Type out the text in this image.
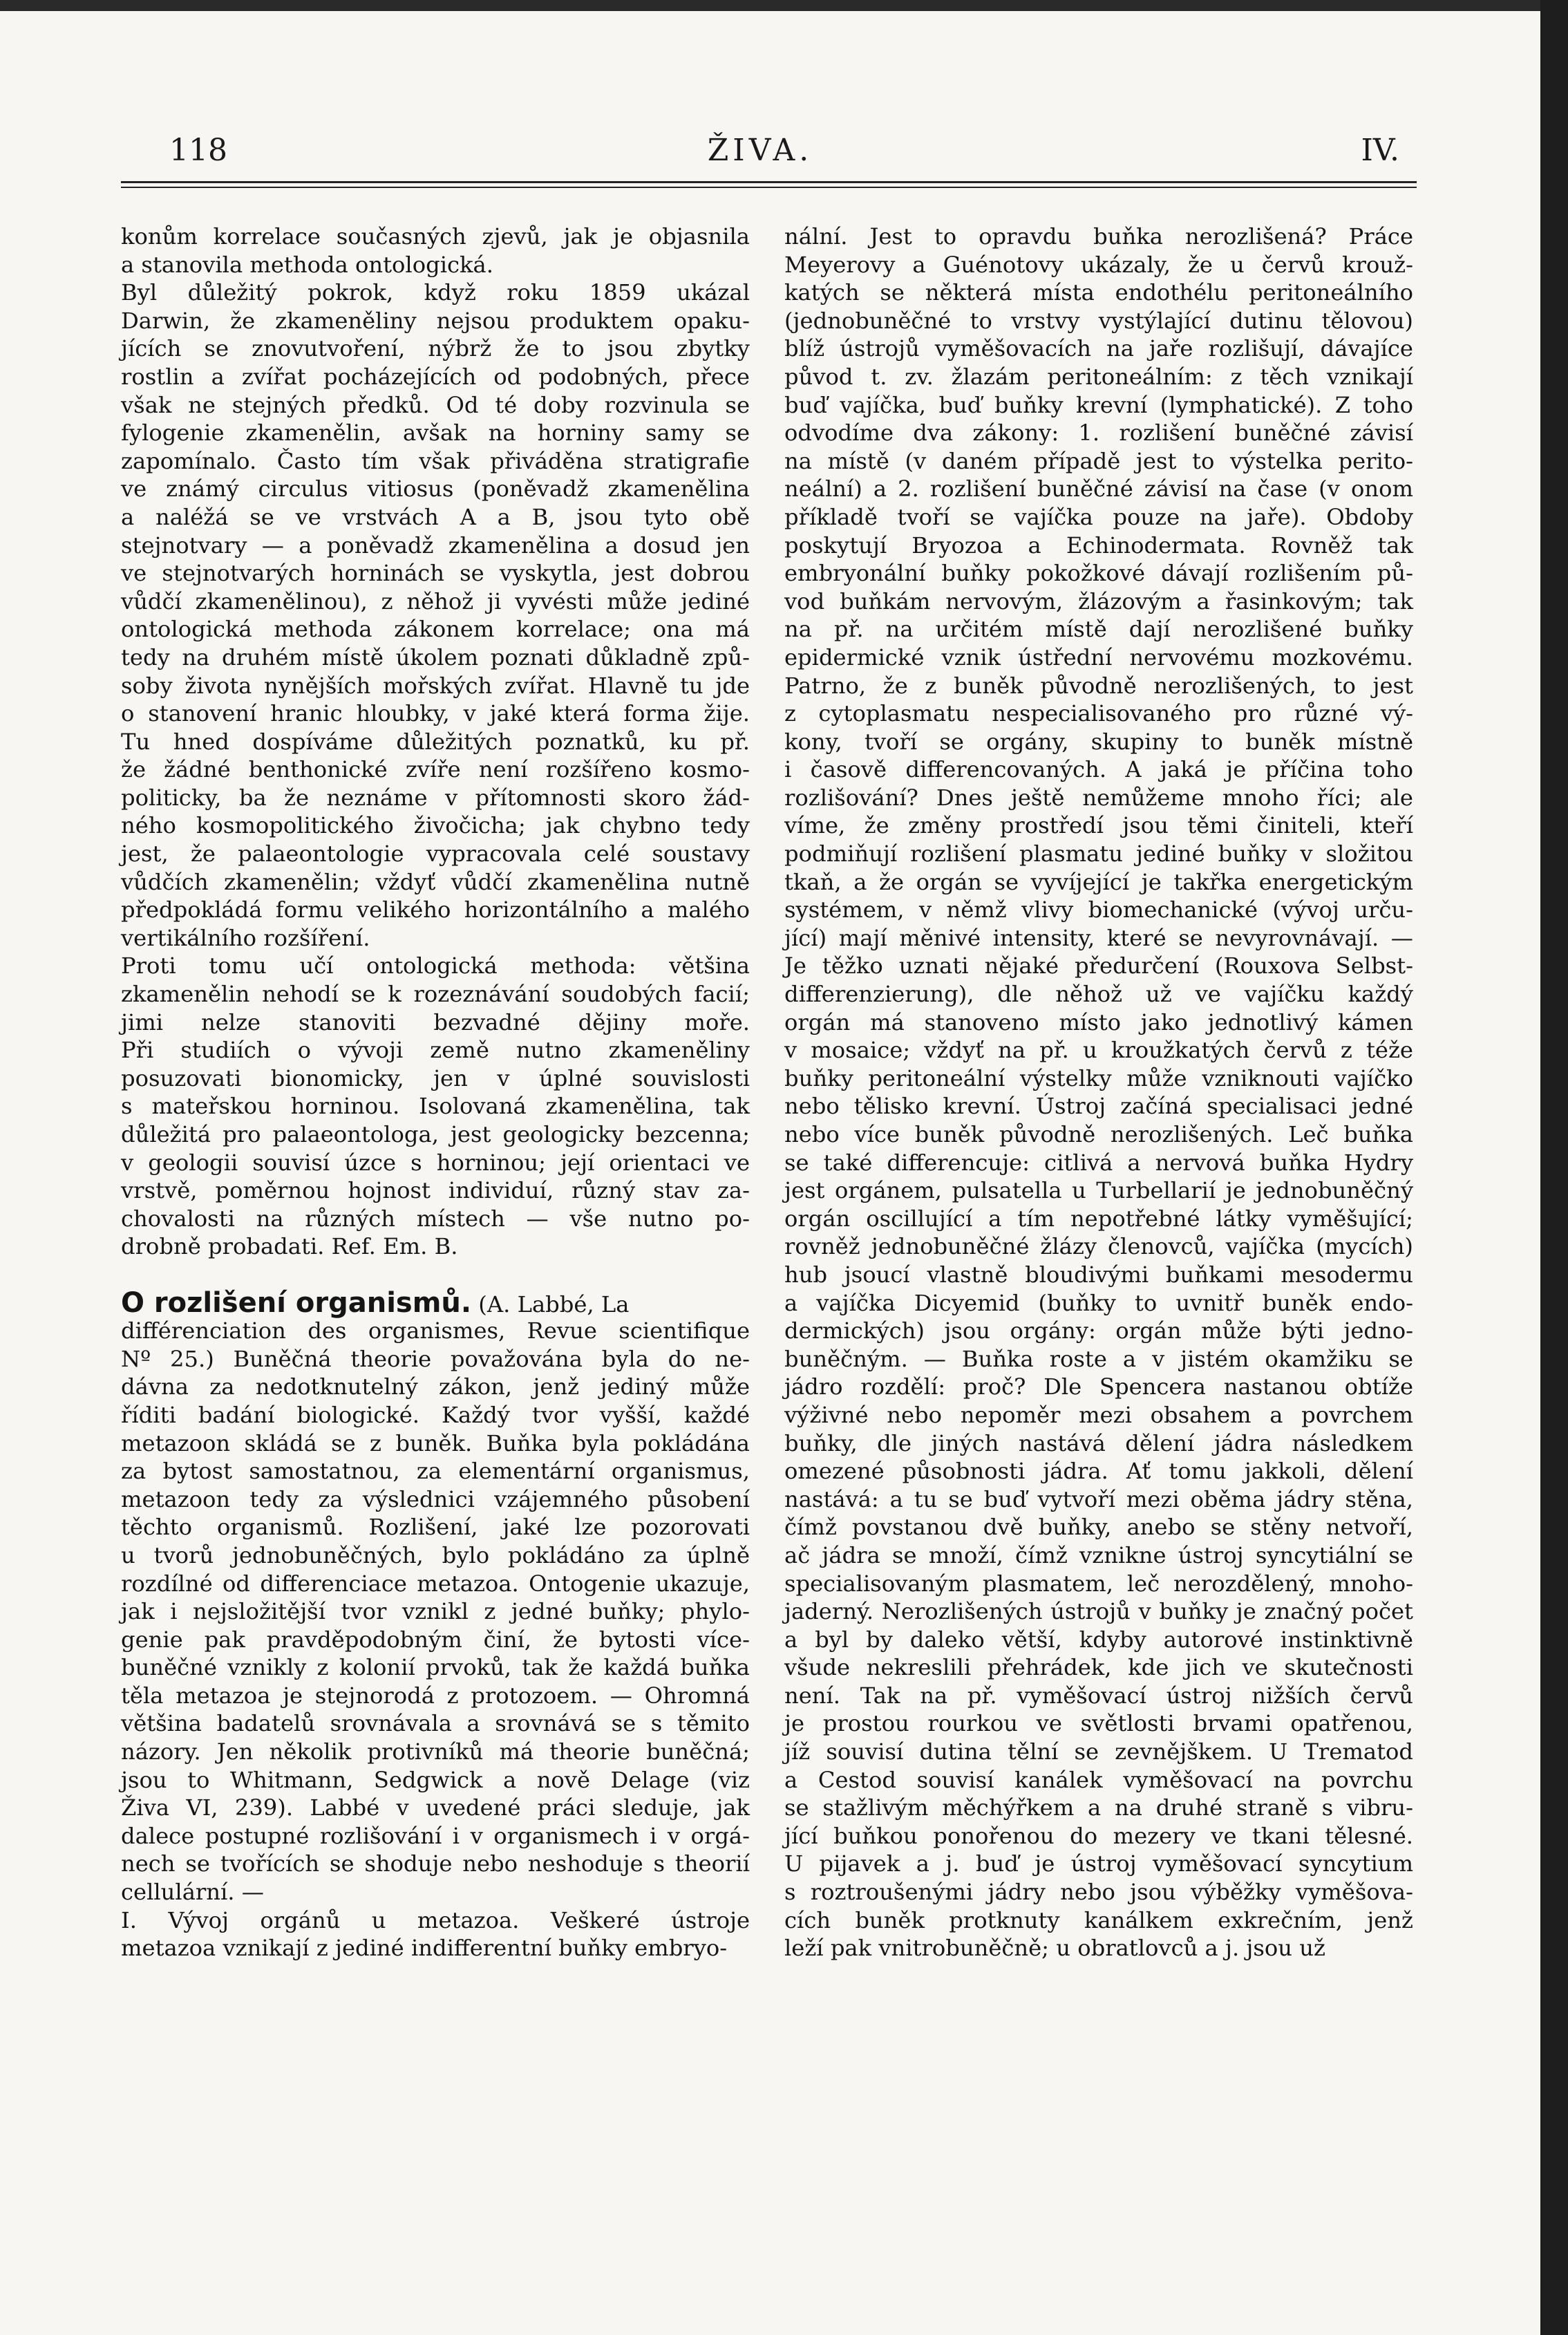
118	ŽIVA.	IV.
konům korrelace současných zjevů, jak je objasnila
a stanovila methoda ontologická.
Byl důležitý pokrok, když roku 1859 ukázal
Darwin, že zkameněliny nejsou produktem opaku-
jících se znovutvoření, nýbrž že to jsou zbytky
rostlin a zvířat pocházejících od podobných, přece
však ne stejných předků. Od té doby rozvinula se
fylogenie zkamenělin, avšak na horniny samy se
zapomínalo. Často tím však přiváděna stratigrafie
ve známý circulus vitiosus (poněvadž zkamenělina
a naléžá se ve vrstvách A a B, jsou tyto obě
stejnotvary — a poněvadž zkamenělina a dosud jen
ve stejnotvarých horninách se vyskytla, jest dobrou
vůdčí zkamenělinou), z něhož ji vyvésti může jediné
ontologická methoda zákonem korrelace; ona má
tedy na druhém místě úkolem poznati důkladně způ-
soby života nynějších mořských zvířat. Hlavně tu jde
o stanovení hranic hloubky, v jaké která forma žije.
Tu hned dospíváme důležitých poznatků, ku př.
že žádné benthonické zvíře není rozšířeno kosmo-
politicky, ba že neznáme v přítomnosti skoro žád-
ného kosmopolitického živočicha; jak chybno tedy
jest, že palaeontologie vypracovala celé soustavy
vůdčích zkamenělin; vždyť vůdčí zkamenělina nutně
předpokládá formu velikého horizontálního a malého
vertikálního rozšíření.
Proti tomu učí ontologická methoda: většina
zkamenělin nehodí se k rozeznávání soudobých facií;
jimi nelze stanoviti bezvadné dějiny moře.
Při studiích o vývoji země nutno zkameněliny
posuzovati bionomicky, jen v úplné souvislosti
s mateřskou horninou. Isolovaná zkamenělina, tak
důležitá pro palaeontologa, jest geologicky bezcenna;
v geologii souvisí úzce s horninou; její orientaci ve
vrstvě, poměrnou hojnost individuí, různý stav za-
chovalosti na různých místech — vše nutno po-
drobně probadati. Ref. Em. B.
O rozlišení organismů. (A. Labbé, La
différenciation des organismes, Revue scientifique
Nº 25.) Buněčná theorie považována byla do ne-
dávna za nedotknutelný zákon, jenž jediný může
říditi badání biologické. Každý tvor vyšší, každé
metazoon skládá se z buněk. Buňka byla pokládána
za bytost samostatnou, za elementární organismus,
metazoon tedy za výslednici vzájemného působení
těchto organismů. Rozlišení, jaké lze pozorovati
u tvorů jednobuněčných, bylo pokládáno za úplně
rozdílné od differenciace metazoa. Ontogenie ukazuje,
jak i nejsložitější tvor vznikl z jedné buňky; phylo-
genie pak pravděpodobným činí, že bytosti více-
buněčné vznikly z kolonií prvoků, tak že každá buňka
těla metazoa je stejnorodá z protozoem. — Ohromná
většina badatelů srovnávala a srovnává se s těmito
názory. Jen několik protivníků má theorie buněčná;
jsou to Whitmann, Sedgwick a nově Delage (viz
Živa VI, 239). Labbé v uvedené práci sleduje, jak
dalece postupné rozlišování i v organismech i v orgá-
nech se tvořících se shoduje nebo neshoduje s theorií
cellulární. —
I. Vývoj orgánů u metazoa. Veškeré ústroje
metazoa vznikají z jediné indifferentní buňky embryo-
nální. Jest to opravdu buňka nerozlišená? Práce
Meyerovy a Guénotovy ukázaly, že u červů krouž-
katých se některá místa endothélu peritoneálního
(jednobuněčné to vrstvy vystýlající dutinu tělovou)
blíž ústrojů vyměšovacích na jaře rozlišují, dávajíce
původ t. zv. žlazám peritoneálním: z těch vznikají
buď vajíčka, buď buňky krevní (lymphatické). Z toho
odvodíme dva zákony: 1. rozlišení buněčné závisí
na místě (v daném případě jest to výstelka perito-
neální) a 2. rozlišení buněčné závisí na čase (v onom
příkladě tvoří se vajíčka pouze na jaře). Obdoby
poskytují Bryozoa a Echinodermata. Rovněž tak
embryonální buňky pokožkové dávají rozlišením pů-
vod buňkám nervovým, žlázovým a řasinkovým; tak
na př. na určitém místě dají nerozlišené buňky
epidermické vznik ústřední nervovému mozkovému.
Patrno, že z buněk původně nerozlišených, to jest
z cytoplasmatu nespecialisovaného pro různé vý-
kony, tvoří se orgány, skupiny to buněk místně
i časově differencovaných. A jaká je příčina toho
rozlišování? Dnes ještě nemůžeme mnoho říci; ale
víme, že změny prostředí jsou těmi činiteli, kteří
podmiňují rozlišení plasmatu jediné buňky v složitou
tkaň, a že orgán se vyvíjející je takřka energetickým
systémem, v němž vlivy biomechanické (vývoj urču-
jící) mají měnivé intensity, které se nevyrovnávají. —
Je těžko uznati nějaké předurčení (Rouxova Selbst-
differenzierung), dle něhož už ve vajíčku každý
orgán má stanoveno místo jako jednotlivý kámen
v mosaice; vždyť na př. u kroužkatých červů z téže
buňky peritoneální výstelky může vzniknouti vajíčko
nebo tělisko krevní. Ústroj začíná specialisaci jedné
nebo více buněk původně nerozlišených. Leč buňka
se také differencuje: citlivá a nervová buňka Hydry
jest orgánem, pulsatella u Turbellarií je jednobuněčný
orgán oscillující a tím nepotřebné látky vyměšující;
rovněž jednobuněčné žlázy členovců, vajíčka (mycích)
hub jsoucí vlastně bloudivými buňkami mesodermu
a vajíčka Dicyemid (buňky to uvnitř buněk endo-
dermických) jsou orgány: orgán může býti jedno-
buněčným. — Buňka roste a v jistém okamžiku se
jádro rozdělí: proč? Dle Spencera nastanou obtíže
výživné nebo nepoměr mezi obsahem a povrchem
buňky, dle jiných nastává dělení jádra následkem
omezené působnosti jádra. Ať tomu jakkoli, dělení
nastává: a tu se buď vytvoří mezi oběma jádry stěna,
čímž povstanou dvě buňky, anebo se stěny netvoří,
ač jádra se množí, čímž vznikne ústroj syncytiální se
specialisovaným plasmatem, leč nerozdělený, mnoho-
jaderný. Nerozlišených ústrojů v buňky je značný počet
a byl by daleko větší, kdyby autorové instinktivně
všude nekreslili přehrádek, kde jich ve skutečnosti
není. Tak na př. vyměšovací ústroj nižších červů
je prostou rourkou ve světlosti brvami opatřenou,
jíž souvisí dutina tělní se zevnějškem. U Trematod
a Cestod souvisí kanálek vyměšovací na povrchu
se stažlivým měchýřkem a na druhé straně s vibru-
jící buňkou ponořenou do mezery ve tkani tělesné.
U pijavek a j. buď je ústroj vyměšovací syncytium
s roztroušenými jádry nebo jsou výběžky vyměšova-
cích buněk protknuty kanálkem exkrečním, jenž
leží pak vnitrobuněčně; u obratlovců a j. jsou už
